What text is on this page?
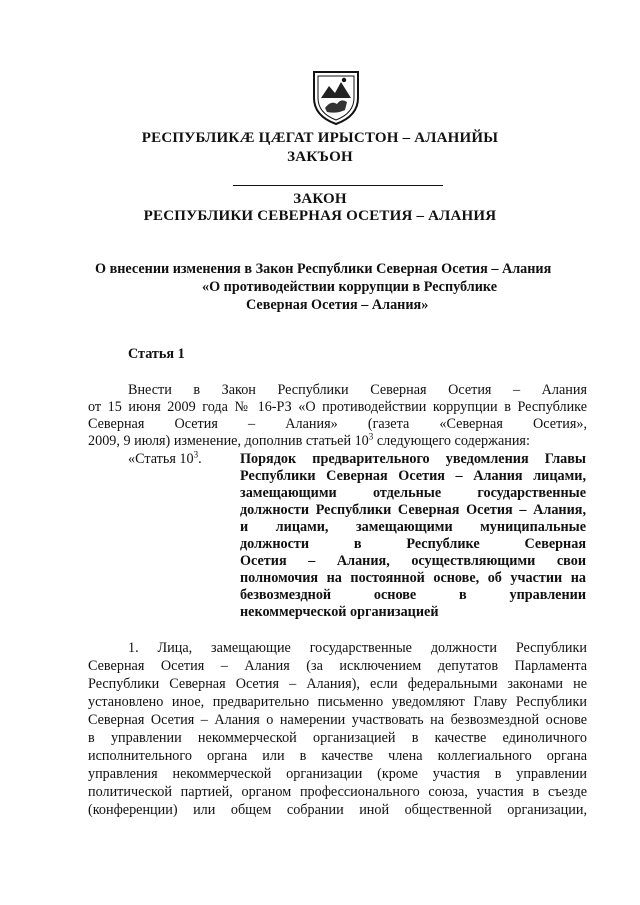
РЕСПУБЛИКÆ ЦÆГАТ ИРЫСТОН – АЛАНИЙЫ
ЗАКЪОН
ЗАКОН
РЕСПУБЛИКИ СЕВЕРНАЯ ОСЕТИЯ – АЛАНИЯ
О внесении изменения в Закон Республики Северная Осетия – Алания
«О противодействии коррупции в Республике
Северная Осетия – Алания»
Статья 1
Внести в Закон Республики Северная Осетия – Алания
от 15 июня 2009 года № 16-РЗ «О противодействии коррупции в Республике
Северная Осетия – Алания» (газета «Северная Осетия»,
2009, 9 июля) изменение, дополнив статьей $10^3$ следующего содержания:
«Статья $10^3$.	Порядок предварительного уведомления Главы
Республики Северная Осетия – Алания лицами,
замещающими отдельные государственные
должности Республики Северная Осетия – Алания,
и лицами, замещающими муниципальные
должности в Республике Северная
Осетия – Алания, осуществляющими свои
полномочия на постоянной основе, об участии на
безвозмездной основе в управлении
некоммерческой организацией
1. Лица, замещающие государственные должности Республики
Северная Осетия – Алания (за исключением депутатов Парламента
Республики Северная Осетия – Алания), если федеральными законами не
установлено иное, предварительно письменно уведомляют Главу Республики
Северная Осетия – Алания о намерении участвовать на безвозмездной основе
в управлении некоммерческой организацией в качестве единоличного
исполнительного органа или в качестве члена коллегиального органа
управления некоммерческой организации (кроме участия в управлении
политической партией, органом профессионального союза, участия в съезде
(конференции) или общем собрании иной общественной организации,
